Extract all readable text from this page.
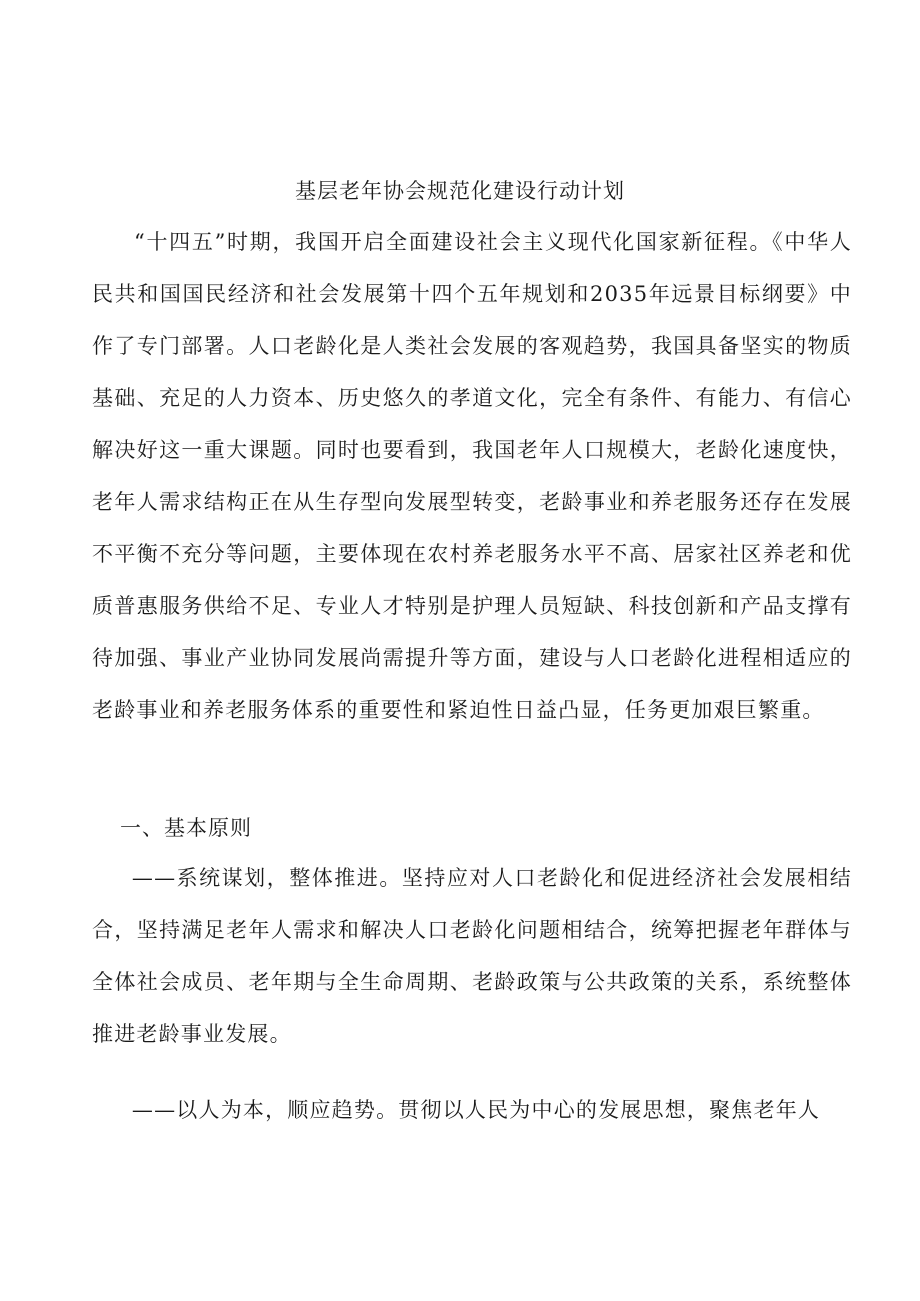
基层老年协会规范化建设行动计划

“十四五”时期，我国开启全面建设社会主义现代化国家新征程。《中华人民共和国国民经济和社会发展第十四个五年规划和2035年远景目标纲要》中作了专门部署。人口老龄化是人类社会发展的客观趋势，我国具备坚实的物质基础、充足的人力资本、历史悠久的孝道文化，完全有条件、有能力、有信心解决好这一重大课题。同时也要看到，我国老年人口规模大，老龄化速度快，老年人需求结构正在从生存型向发展型转变，老龄事业和养老服务还存在发展不平衡不充分等问题，主要体现在农村养老服务水平不高、居家社区养老和优质普惠服务供给不足、专业人才特别是护理人员短缺、科技创新和产品支撑有待加强、事业产业协同发展尚需提升等方面，建设与人口老龄化进程相适应的老龄事业和养老服务体系的重要性和紧迫性日益凸显，任务更加艰巨繁重。

一、基本原则

——系统谋划，整体推进。坚持应对人口老龄化和促进经济社会发展相结合，坚持满足老年人需求和解决人口老龄化问题相结合，统筹把握老年群体与全体社会成员、老年期与全生命周期、老龄政策与公共政策的关系，系统整体推进老龄事业发展。

——以人为本，顺应趋势。贯彻以人民为中心的发展思想，聚焦老年人
